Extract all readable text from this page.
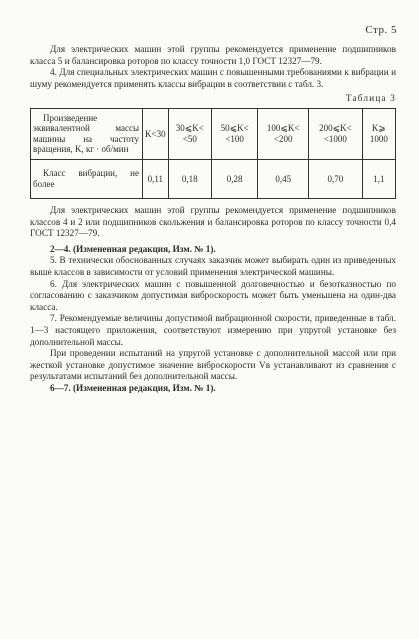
Стр. 5

Для электрических машин этой группы рекомендуется применение подшипников класса 5 и балансировка роторов по классу точности 1,0 ГОСТ 12327—79.

4. Для специальных электрических машин с повышенными требованиями к вибрации и шуму рекомендуется применять классы вибрации в соответствии с табл. 3.

Таблица 3
Произведение эквивалентной массы машины на частоту вращения, K, кг · об/мин	K<30	30⩽K< <50	50⩽K< <100	100⩽K< <200	200⩽K< <1000	K⩾ 1000
Класс вибрации, не более	0,11	0,18	0,28	0,45	0,70	1,1

Для электрических машин этой группы рекомендуется применение подшипников классов 4 и 2 или подшипников скольжения и балансировка роторов по классу точности 0,4 ГОСТ 12327—79.

2—4. (Измененная редакция, Изм. № 1).

5. В технически обоснованных случаях заказчик может выбирать один из приведенных выше классов в зависимости от условий применения электрической машины.

6. Для электрических машин с повышенной долговечностью и безотказностью по согласованию с заказчиком допустимая виброскорость может быть уменьшена на один-два класса.

7. Рекомендуемые величины допустимой вибрационной скорости, приведенные в табл. 1—3 настоящего приложения, соответствуют измерению при упругой установке без дополнительной массы.

При проведении испытаний на упругой установке с дополнительной массой или при жесткой установке допустимое значение виброскорости Vв устанавливают из сравнения с результатами испытаний без дополнительной массы.

6—7. (Измененная редакция, Изм. № 1).
